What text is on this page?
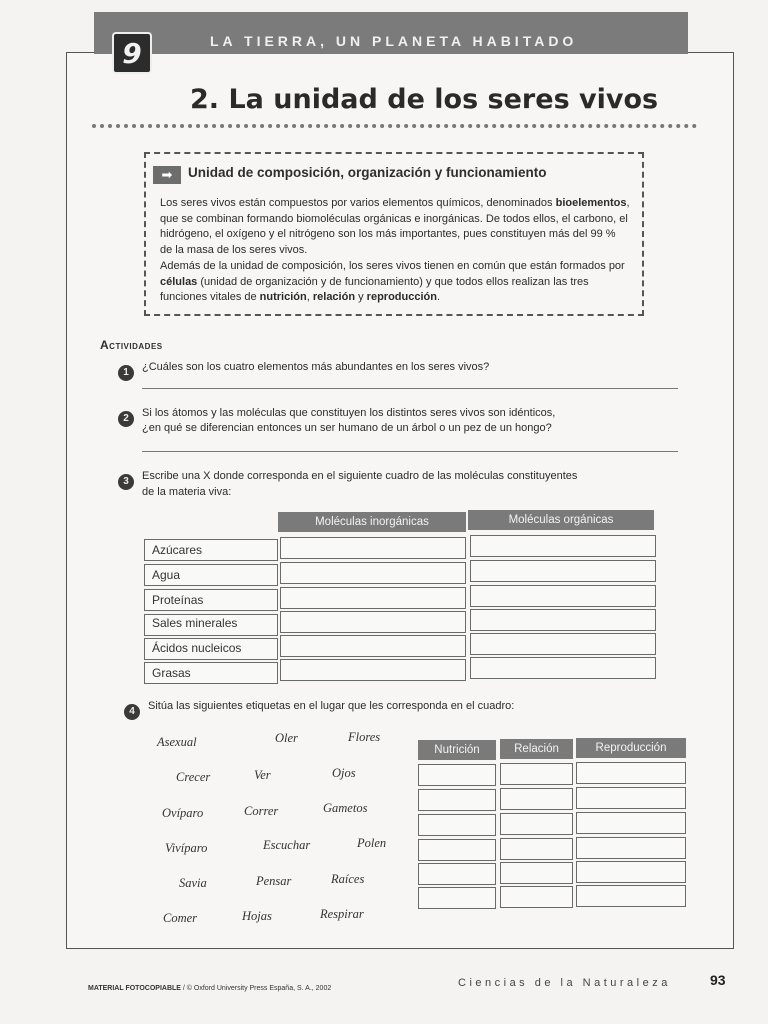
9	LA TIERRA, UN PLANETA HABITADO
2. La unidad de los seres vivos
➡	Unidad de composición, organización y funcionamiento

Los seres vivos están compuestos por varios elementos químicos, denominados bioelementos, que se combinan formando biomoléculas orgánicas e inorgánicas. De todos ellos, el carbono, el hidrógeno, el oxígeno y el nitrógeno son los más importantes, pues constituyen más del 99 % de la masa de los seres vivos.

Además de la unidad de composición, los seres vivos tienen en común que están formados por células (unidad de organización y de funcionamiento) y que todos ellos realizan las tres funciones vitales de nutrición, relación y reproducción.

Actividades
1	¿Cuáles son los cuatro elementos más abundantes en los seres vivos?
2	Si los átomos y las moléculas que constituyen los distintos seres vivos son idénticos,
¿en qué se diferencian entonces un ser humano de un árbol o un pez de un hongo?
3	Escribe una X donde corresponda en el siguiente cuadro de las moléculas constituyentes
de la materia viva:
Moléculas inorgánicas	Moléculas orgánicas
Azúcares
Agua
Proteínas
Sales minerales
Ácidos nucleicos
Grasas
4	Sitúa las siguientes etiquetas en el lugar que les corresponda en el cuadro:
Asexual	Oler	Flores
Crecer	Ver	Ojos
Ovíparo	Correr	Gametos
Vivíparo	Escuchar	Polen
Savia	Pensar	Raíces
Comer	Hojas	Respirar
Nutrición	Relación	Reproducción
MATERIAL FOTOCOPIABLE / © Oxford University Press España, S. A., 2002	Ciencias de la Naturaleza	93
